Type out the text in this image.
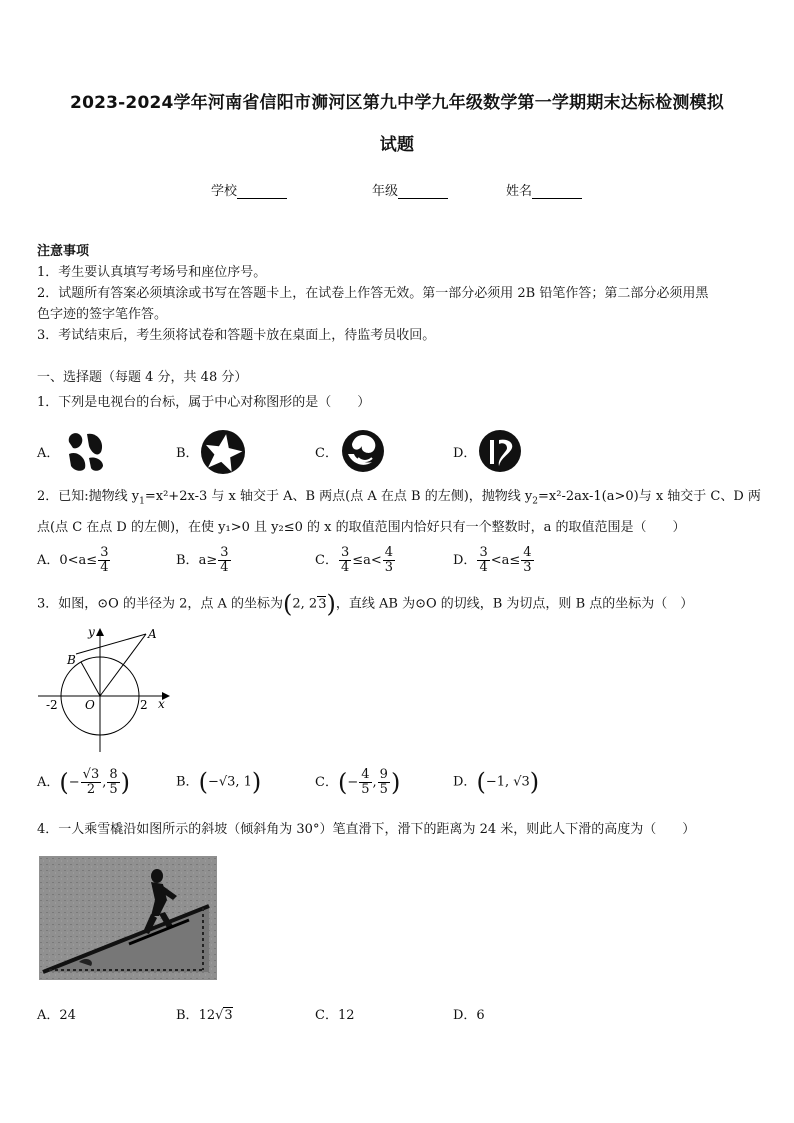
2023-2024学年河南省信阳市浉河区第九中学九年级数学第一学期期末达标检测模拟
试题
学校	年级	姓名
注意事项
1．考生要认真填写考场号和座位序号。
2．试题所有答案必须填涂或书写在答题卡上，在试卷上作答无效。第一部分必须用 2B 铅笔作答；第二部分必须用黑
色字迹的签字笔作答。
3．考试结束后，考生须将试卷和答题卡放在桌面上，待监考员收回。
一、选择题（每题 4 分，共 48 分）
1．下列是电视台的台标，属于中心对称图形的是（　　）
A．	B．	C．	D．
2．已知:抛物线 $y_1=x^2+2x-3$ 与 x 轴交于 A、B 两点(点 A 在点 B 的左侧)，抛物线 $y_2=x^2-2ax-1(a>0)$与 x 轴交于 C、D 两
点(点 C 在点 D 的左侧)，在使 y₁>0 且 y₂≤0 的 x 的取值范围内恰好只有一个整数时，a 的取值范围是（　　）
A．$0<a\le \frac{3}{4}$	B．$a\ge \frac{3}{4}$	C． $\frac{3}{4} \le a< \frac{4}{3}$	D． $\frac{3}{4} <a\le \frac{4}{3}$
3．如图，⊙O 的半径为 2，点 A 的坐标为(2, 23)，直线 AB 为⊙O 的切线，B 为切点，则 B 点的坐标为（　）
y
x
A
B
O
-2	2
A．(− $\frac{√3}{2}$ , $\frac{8}{5}$ )	B．(−√3, 1)	C．(− $\frac{4}{5}$ , $\frac{9}{5}$ )	D．(−1, √3)
4．一人乘雪橇沿如图所示的斜坡（倾斜角为 30°）笔直滑下，滑下的距离为 24 米，则此人下滑的高度为（　　）
A．24	B．12√3	C．12	D．6
